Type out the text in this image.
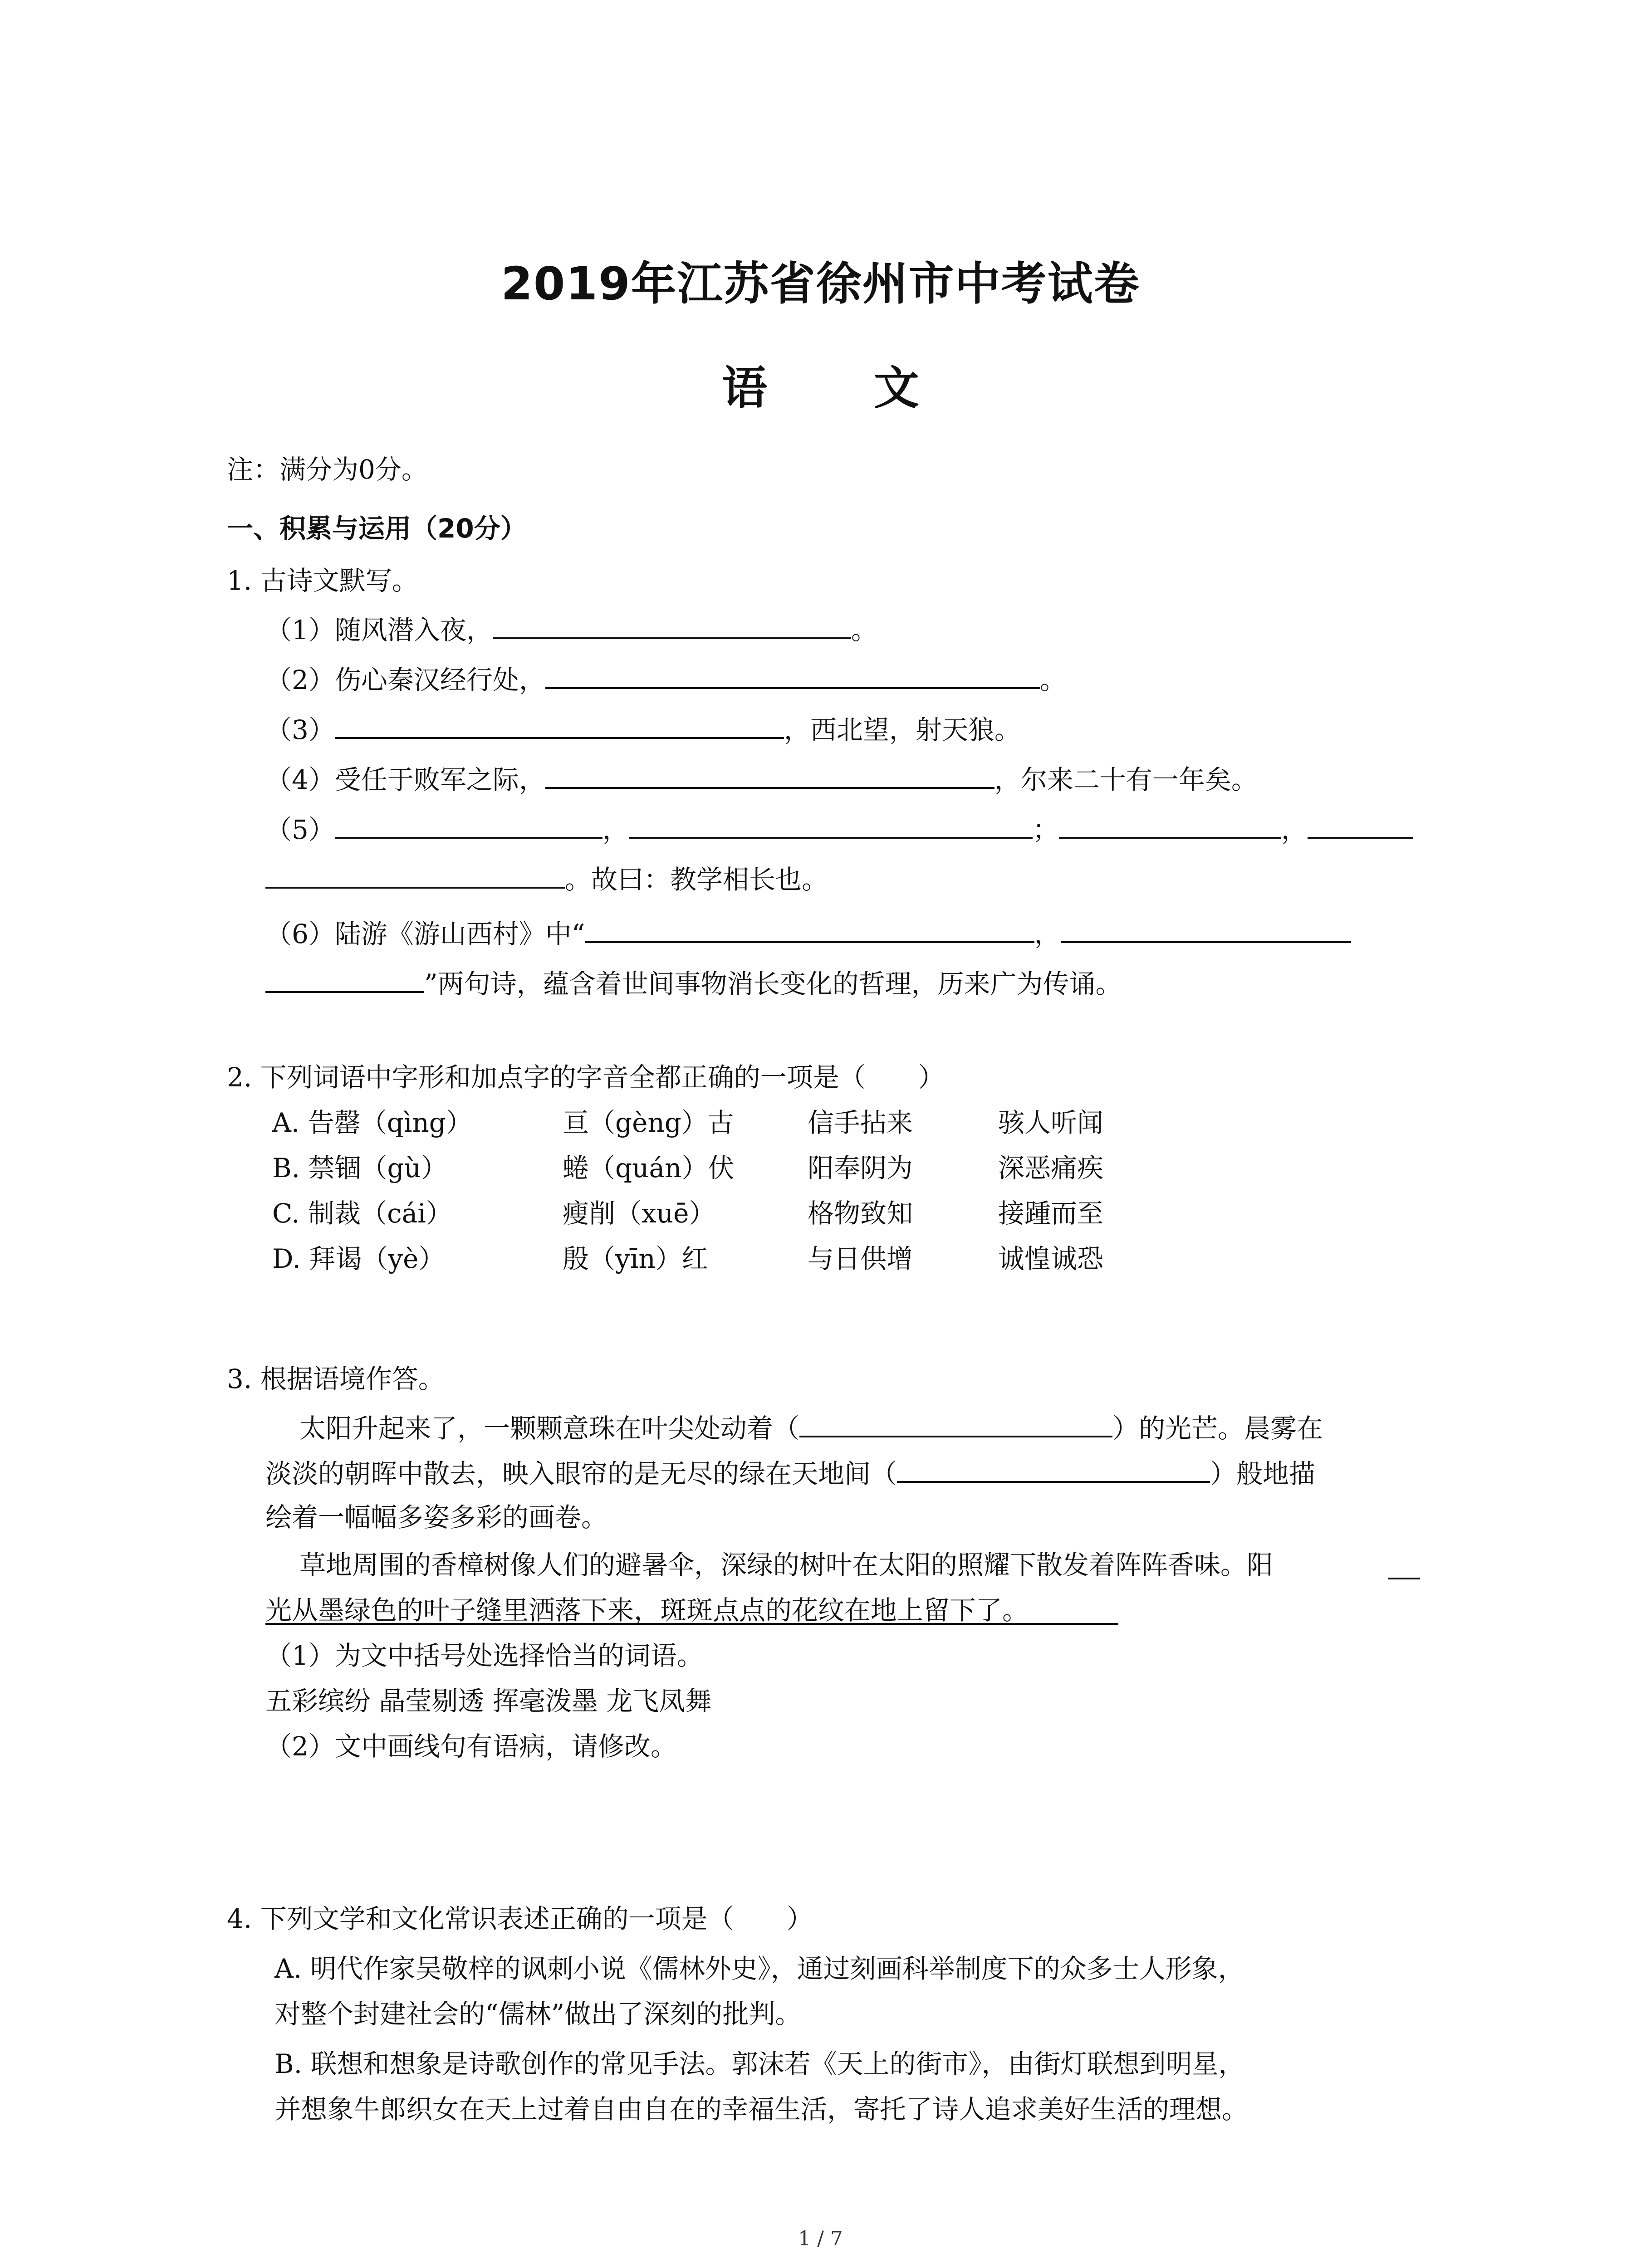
2019年江苏省徐州市中考试卷
语 文
注：满分为0分。
一、积累与运用（20分）
1. 古诗文默写。
（1）随风潜入夜，	。
（2）伤心秦汉经行处，	。
（3）	，西北望，射天狼。
（4）受任于败军之际，	，尔来二十有一年矣。
（5）	，	；	，
。故曰：教学相长也。
（6）陆游《游山西村》中“	，
”两句诗，蕴含着世间事物消长变化的哲理，历来广为传诵。
2. 下列词语中字形和加点字的字音全都正确的一项是（　　）
A. 告罄（qìng）	亘（gèng）古	信手拈来	骇人听闻
B. 禁锢（gù）	蜷（quán）伏	阳奉阴为	深恶痛疾
C. 制裁（cái）	瘦削（xuē）	格物致知	接踵而至
D. 拜谒（yè）	殷（yīn）红	与日供增	诚惶诚恐
3. 根据语境作答。
太阳升起来了，一颗颗意珠在叶尖处动着（	）的光芒。晨雾在
淡淡的朝晖中散去，映入眼帘的是无尽的绿在天地间（	）般地描
绘着一幅幅多姿多彩的画卷。
草地周围的香樟树像人们的避暑伞，深绿的树叶在太阳的照耀下散发着阵阵香味。阳
光从墨绿色的叶子缝里洒落下来，斑斑点点的花纹在地上留下了。
（1）为文中括号处选择恰当的词语。
五彩缤纷 晶莹剔透 挥毫泼墨 龙飞凤舞
（2）文中画线句有语病，请修改。
4. 下列文学和文化常识表述正确的一项是（　　）
A. 明代作家吴敬梓的讽刺小说《儒林外史》，通过刻画科举制度下的众多士人形象，
对整个封建社会的“儒林”做出了深刻的批判。
B. 联想和想象是诗歌创作的常见手法。郭沫若《天上的街市》，由街灯联想到明星，
并想象牛郎织女在天上过着自由自在的幸福生活，寄托了诗人追求美好生活的理想。
1 / 7
